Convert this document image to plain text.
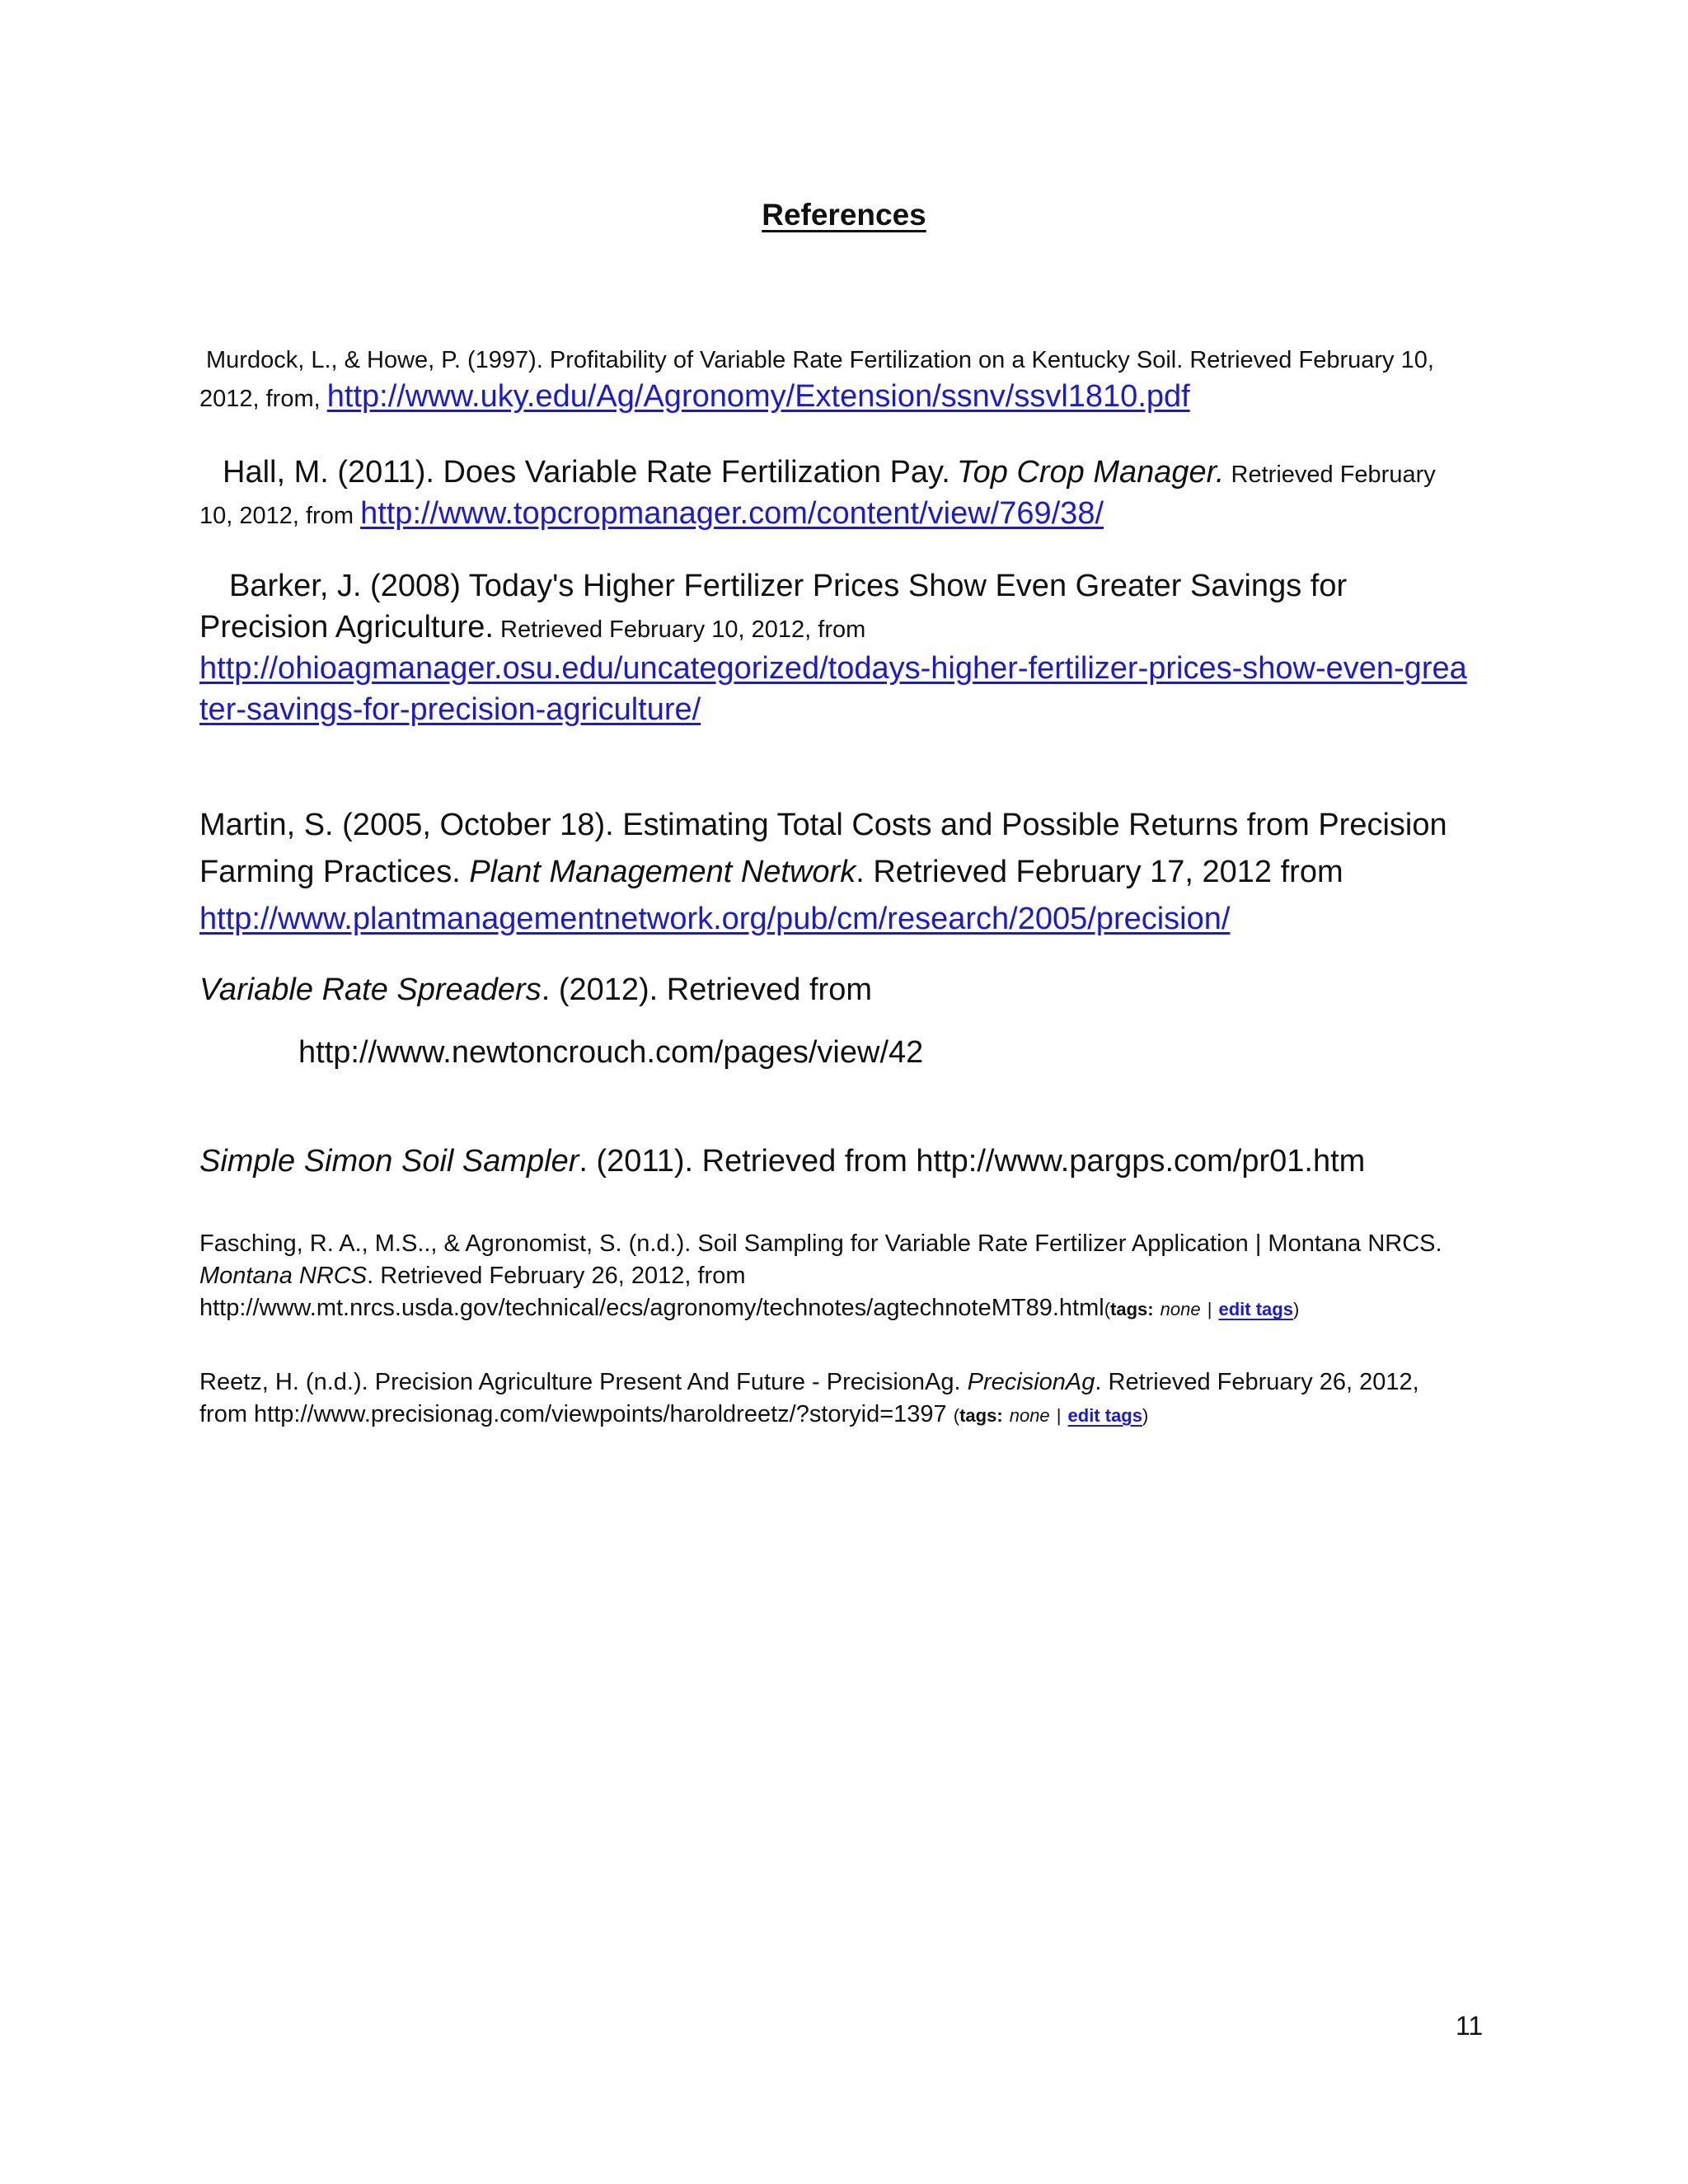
References
Murdock, L., & Howe, P. (1997). Profitability of Variable Rate Fertilization on a Kentucky Soil. Retrieved February 10, 2012, from, http://www.uky.edu/Ag/Agronomy/Extension/ssnv/ssvl1810.pdf
Hall, M. (2011). Does Variable Rate Fertilization Pay. Top Crop Manager. Retrieved February 10, 2012, from http://www.topcropmanager.com/content/view/769/38/
Barker, J. (2008) Today's Higher Fertilizer Prices Show Even Greater Savings for Precision Agriculture. Retrieved February 10, 2012, from
http://ohioagmanager.osu.edu/uncategorized/todays-higher-fertilizer-prices-show-even-greater-savings-for-precision-agriculture/
Martin, S. (2005, October 18). Estimating Total Costs and Possible Returns from Precision Farming Practices. Plant Management Network. Retrieved February 17, 2012 from
http://www.plantmanagementnetwork.org/pub/cm/research/2005/precision/
Variable Rate Spreaders. (2012). Retrieved from
http://www.newtoncrouch.com/pages/view/42
Simple Simon Soil Sampler. (2011). Retrieved from http://www.pargps.com/pr01.htm
Fasching, R. A., M.S.., & Agronomist, S. (n.d.). Soil Sampling for Variable Rate Fertilizer Application | Montana NRCS. Montana NRCS. Retrieved February 26, 2012, from http://www.mt.nrcs.usda.gov/technical/ecs/agronomy/technotes/agtechnoteMT89.html(tags: none | edit tags)
Reetz, H. (n.d.). Precision Agriculture Present And Future - PrecisionAg. PrecisionAg. Retrieved February 26, 2012, from http://www.precisionag.com/viewpoints/haroldreetz/?storyid=1397 (tags: none | edit tags)
11
